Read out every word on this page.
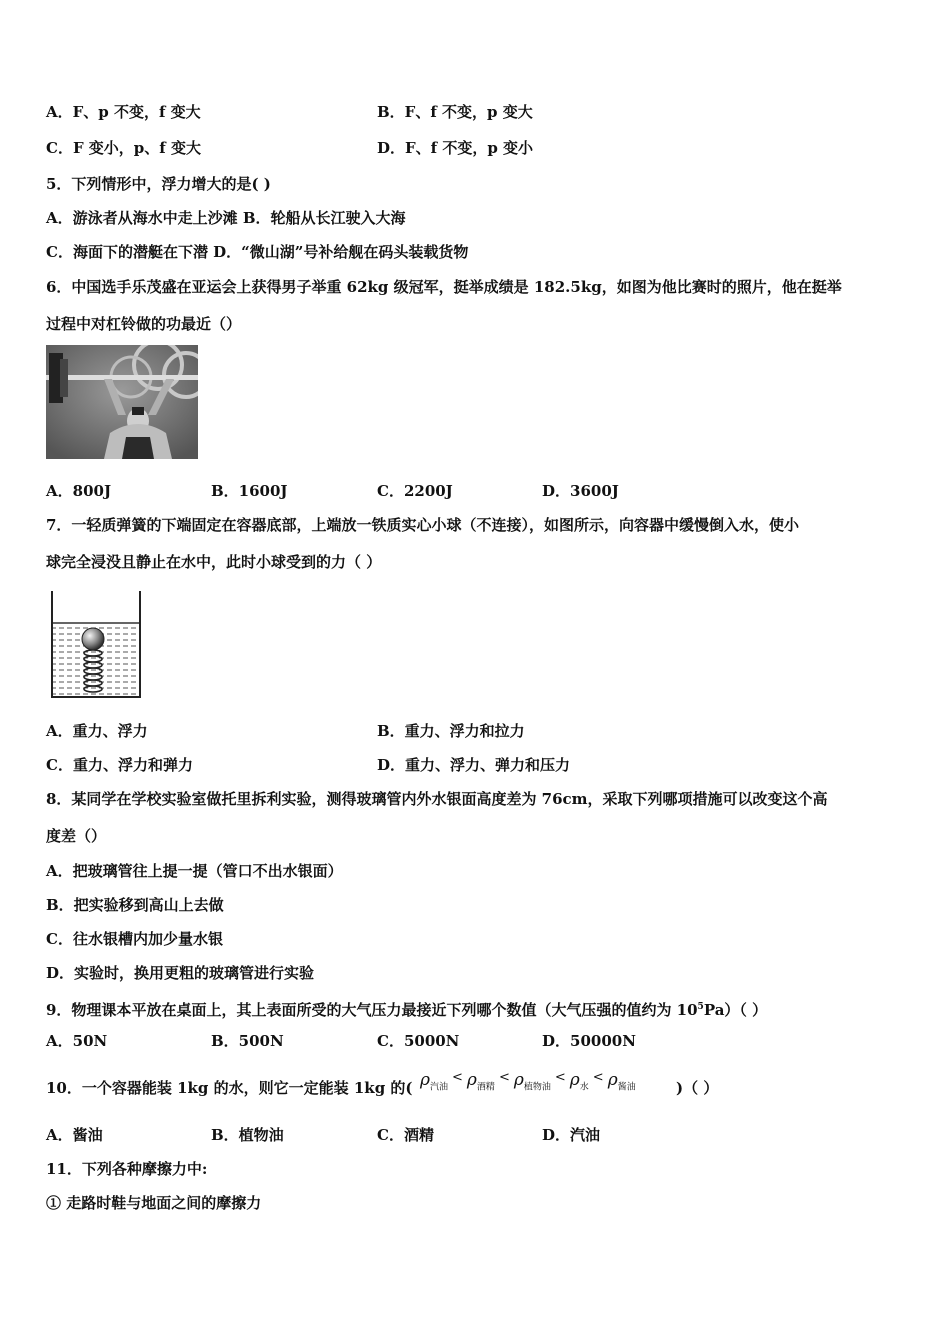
A．F、p 不变，f 变大	B．F、f 不变，p 变大
C．F 变小，p、f 变大	D．F、f 不变，p 变小
5．下列情形中，浮力增大的是( )
A．游泳者从海水中走上沙滩 B．轮船从长江驶入大海
C．海面下的潜艇在下潜 D．“微山湖”号补给舰在码头装载货物
6．中国选手乐茂盛在亚运会上获得男子举重 62kg 级冠军，挺举成绩是 182.5kg，如图为他比赛时的照片，他在挺举
过程中对杠铃做的功最近（）
A．800J	B．1600J	C．2200J	D．3600J
7．一轻质弹簧的下端固定在容器底部，上端放一铁质实心小球（不连接），如图所示，向容器中缓慢倒入水，使小
球完全浸没且静止在水中，此时小球受到的力（ ）
A．重力、浮力	B．重力、浮力和拉力
C．重力、浮力和弹力	D．重力、浮力、弹力和压力
8．某同学在学校实验室做托里拆利实验，测得玻璃管内外水银面高度差为 76cm，采取下列哪项措施可以改变这个高
度差（）
A．把玻璃管往上提一提（管口不出水银面）
B．把实验移到高山上去做
C．往水银槽内加少量水银
D．实验时，换用更粗的玻璃管进行实验
9．物理课本平放在桌面上，其上表面所受的大气压力最接近下列哪个数值（大气压强的值约为 $10^5Pa$）（ ）
A．50N	B．500N	C．5000N	D．50000N
10．一个容器能装 1kg 的水，则它一定能装 1kg 的( $\rho_{汽油}^<$ $\rho_{酒精}^<$ $\rho_{植物油}^<$ $\rho_水^<$ $\rho_{酱油}$	)（ ）
A．酱油	B．植物油	C．酒精	D．汽油
11．下列各种摩擦力中:
① 走路时鞋与地面之间的摩擦力
